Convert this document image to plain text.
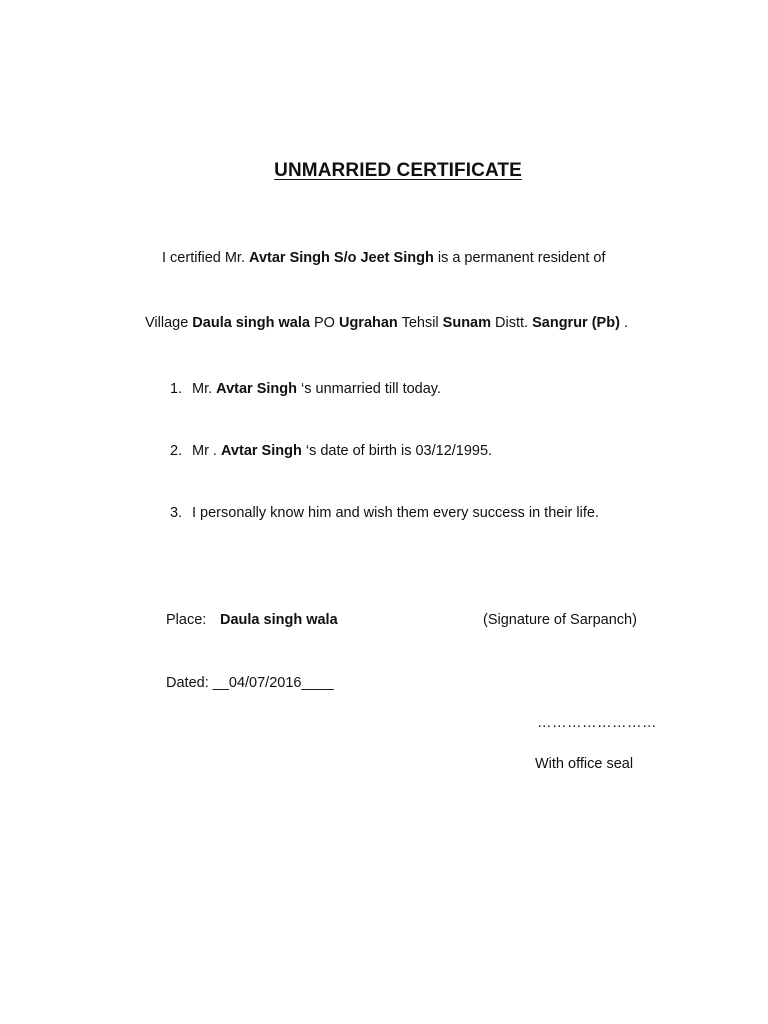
UNMARRIED CERTIFICATE
I certified Mr. Avtar Singh S/o Jeet Singh is a permanent resident of
Village Daula singh wala PO Ugrahan Tehsil Sunam Distt. Sangrur (Pb) .
1. Mr. Avtar Singh ‘s unmarried till today.
2. Mr . Avtar Singh ‘s date of birth is 03/12/1995.
3. I personally know him and wish them every success in their life.
Place: Daula singh wala	(Signature of Sarpanch)
Dated: __04/07/2016____
……………………
With office seal
